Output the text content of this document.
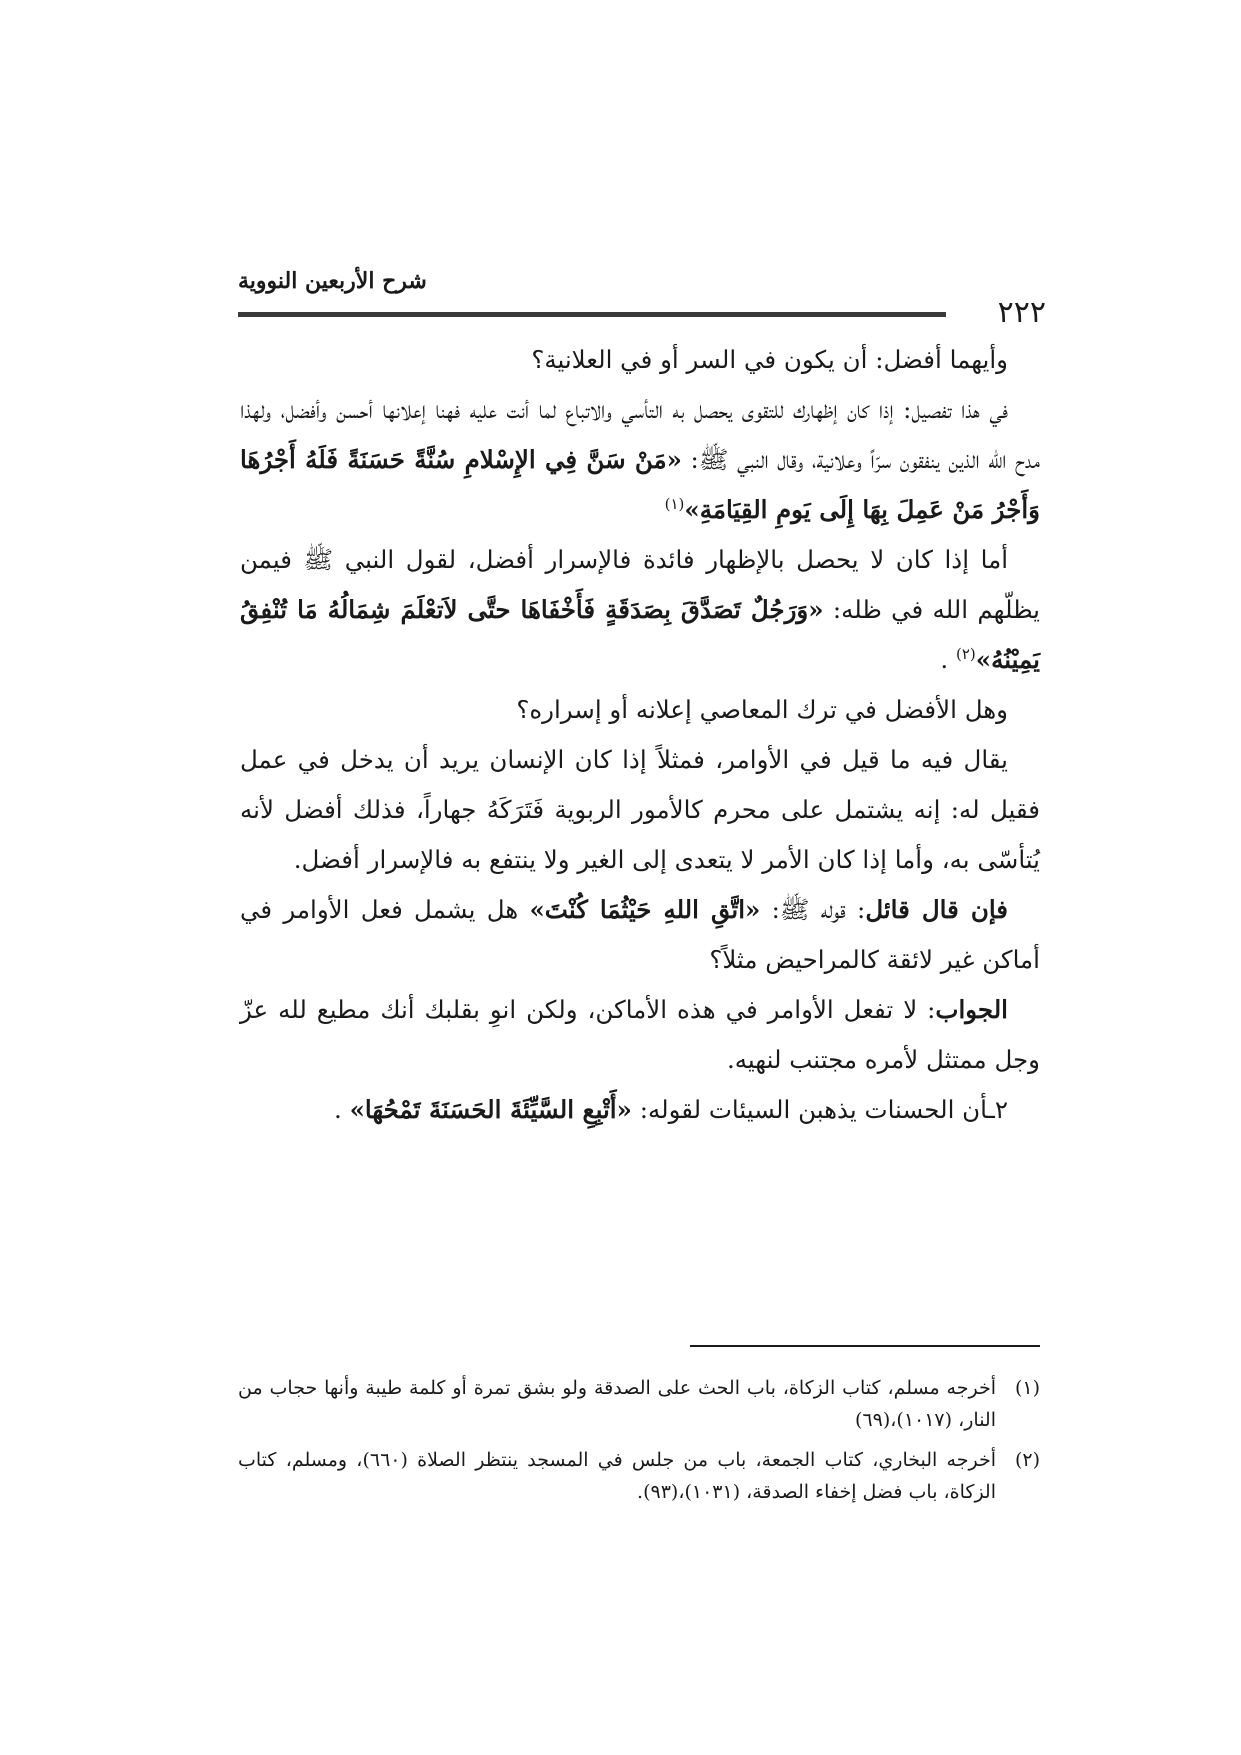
شرح الأربعين النووية
٢٢٢

وأيهما أفضل: أن يكون في السر أو في العلانية؟

في هذا تفصيل: إذا كان إظهارك للتقوى يحصل به التأسي والاتباع لما أنت عليه فهنا إعلانها أحسن وأفضل، ولهذا مدح الله الذين ينفقون سرّاً وعلانية، وقال النبي ﷺ: «مَنْ سَنَّ فِي الإِسْلامِ سُنَّةً حَسَنَةً فَلَهُ أَجْرُهَا وَأَجْرُ مَنْ عَمِلَ بِهَا إِلَى يَومِ القِيَامَةِ»$^{(١)}$

أما إذا كان لا يحصل بالإظهار فائدة فالإسرار أفضل، لقول النبي ﷺ فيمن يظلّهم الله في ظله: «وَرَجُلٌ تَصَدَّقَ بِصَدَقَةٍ فَأَخْفَاهَا حتَّى لاَتعْلَمَ شِمَالُهُ مَا تُنْفِقُ يَمِيْنُهُ»$^{(٢)}$ .

وهل الأفضل في ترك المعاصي إعلانه أو إسراره؟

يقال فيه ما قيل في الأوامر، فمثلاً إذا كان الإنسان يريد أن يدخل في عمل فقيل له: إنه يشتمل على محرم كالأمور الربوية فَتَرَكَهُ جهاراً، فذلك أفضل لأنه يُتأسّى به، وأما إذا كان الأمر لا يتعدى إلى الغير ولا ينتفع به فالإسرار أفضل.

فإن قال قائل: قوله ﷺ: «اتَّقِ اللهِ حَيْثُمَا كُنْتَ» هل يشمل فعل الأوامر في أماكن غير لائقة كالمراحيض مثلاً؟

الجواب: لا تفعل الأوامر في هذه الأماكن، ولكن انوِ بقلبك أنك مطيع لله عزّ وجل ممتثل لأمره مجتنب لنهيه.

٢ـأن الحسنات يذهبن السيئات لقوله: «أَتْبِعِ السَّيِّئَةَ الحَسَنَةَ تَمْحُهَا» .

(١)
أخرجه مسلم، كتاب الزكاة، باب الحث على الصدقة ولو بشق تمرة أو كلمة طيبة وأنها حجاب من النار، (١٠١٧)،(٦٩)
(٢)
أخرجه البخاري، كتاب الجمعة، باب من جلس في المسجد ينتظر الصلاة (٦٦٠)، ومسلم، كتاب الزكاة، باب فضل إخفاء الصدقة، (١٠٣١)،(٩٣).
